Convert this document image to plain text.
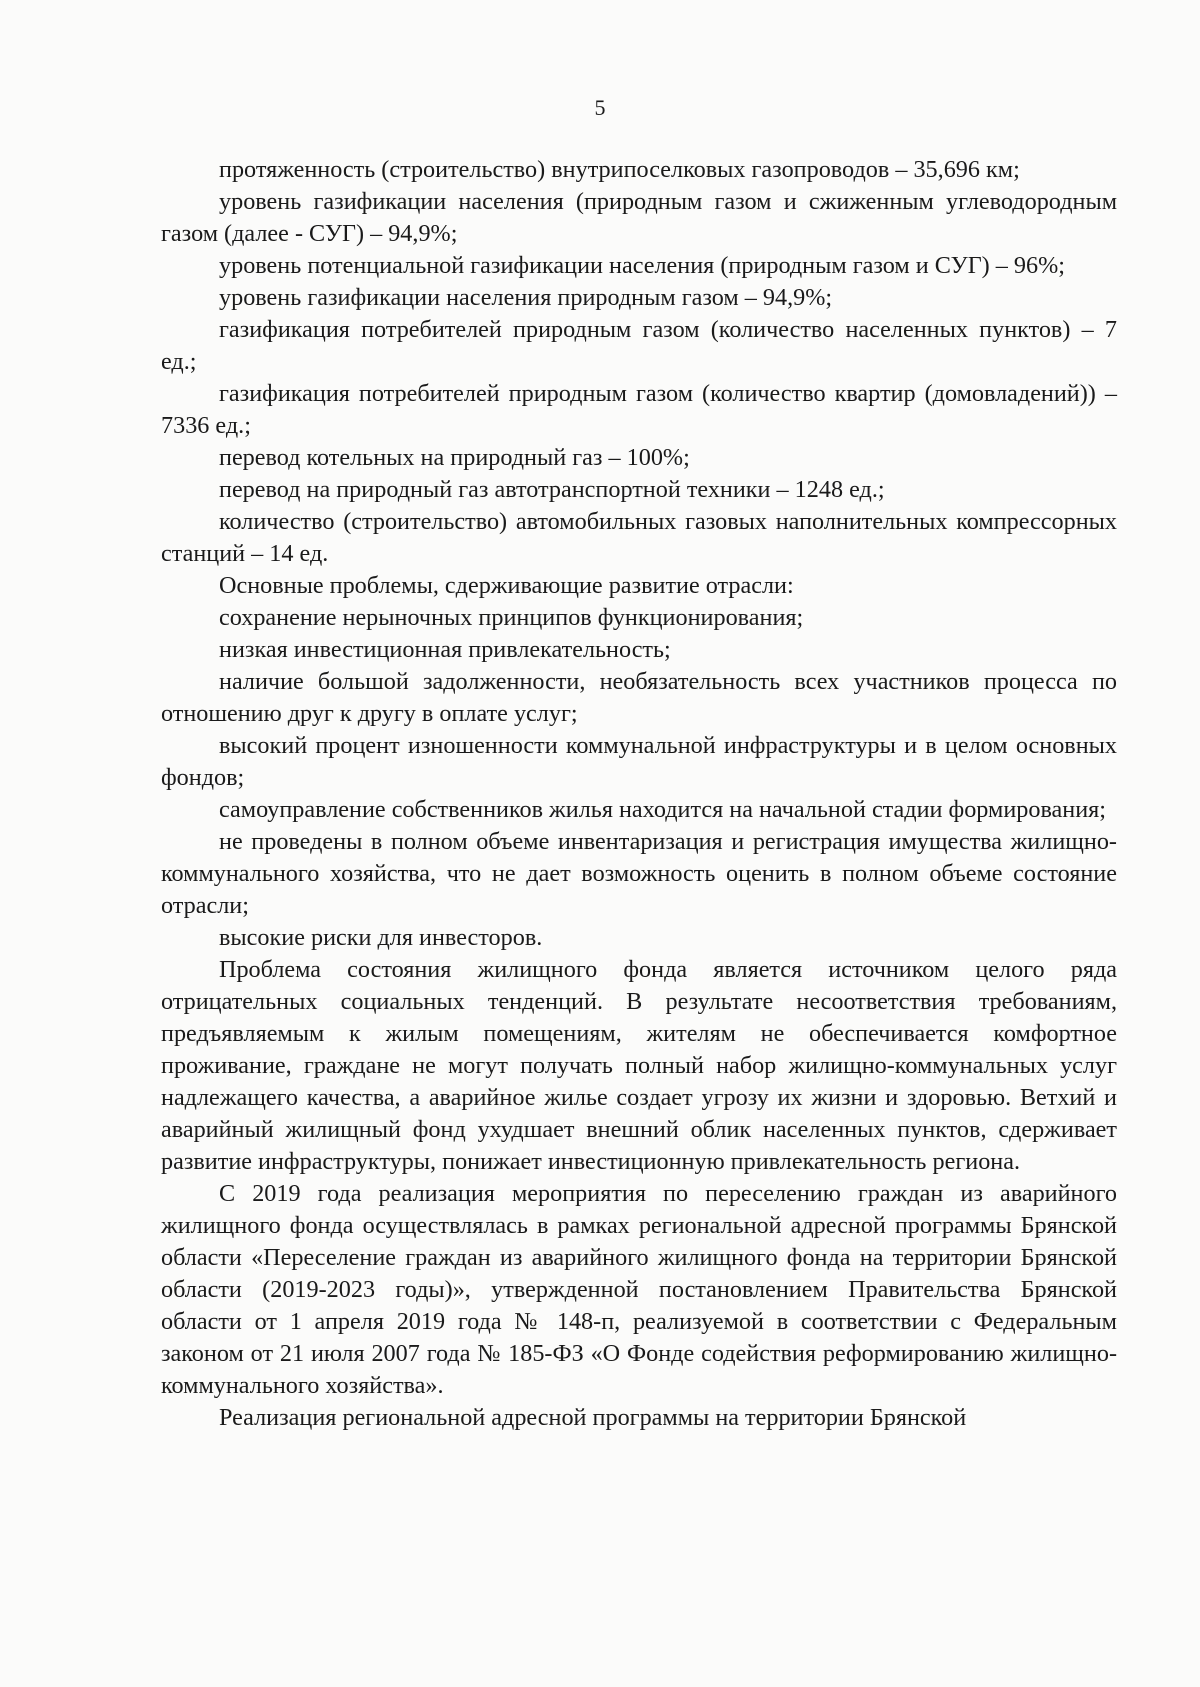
5

протяженность (строительство) внутрипоселковых газопроводов – 35,696 км;

уровень газификации населения (природным газом и сжиженным углеводородным газом (далее - СУГ) – 94,9%;

уровень потенциальной газификации населения (природным газом и СУГ) – 96%;

уровень газификации населения природным газом – 94,9%;

газификация потребителей природным газом (количество населенных пунктов) – 7 ед.;

газификация потребителей природным газом (количество квартир (домовладений)) – 7336 ед.;

перевод котельных на природный газ – 100%;

перевод на природный газ автотранспортной техники – 1248 ед.;

количество (строительство) автомобильных газовых наполнительных компрессорных станций – 14 ед.

Основные проблемы, сдерживающие развитие отрасли:

сохранение нерыночных принципов функционирования;

низкая инвестиционная привлекательность;

наличие большой задолженности, необязательность всех участников процесса по отношению друг к другу в оплате услуг;

высокий процент изношенности коммунальной инфраструктуры и в целом основных фондов;

самоуправление собственников жилья находится на начальной стадии формирования;

не проведены в полном объеме инвентаризация и регистрация имущества жилищно-коммунального хозяйства, что не дает возможность оценить в полном объеме состояние отрасли;

высокие риски для инвесторов.

Проблема состояния жилищного фонда является источником целого ряда отрицательных социальных тенденций. В результате несоответствия требованиям, предъявляемым к жилым помещениям, жителям не обеспечивается комфортное проживание, граждане не могут получать полный набор жилищно-коммунальных услуг надлежащего качества, а аварийное жилье создает угрозу их жизни и здоровью. Ветхий и аварийный жилищный фонд ухудшает внешний облик населенных пунктов, сдерживает развитие инфраструктуры, понижает инвестиционную привлекательность региона.

С 2019 года реализация мероприятия по переселению граждан из аварийного жилищного фонда осуществлялась в рамках региональной адресной программы Брянской области «Переселение граждан из аварийного жилищного фонда на территории Брянской области (2019-2023 годы)», утвержденной постановлением Правительства Брянской области от 1 апреля 2019 года № 148-п, реализуемой в соответствии с Федеральным законом от 21 июля 2007 года № 185-ФЗ «О Фонде содействия реформированию жилищно-коммунального хозяйства».

Реализация региональной адресной программы на территории Брянской
